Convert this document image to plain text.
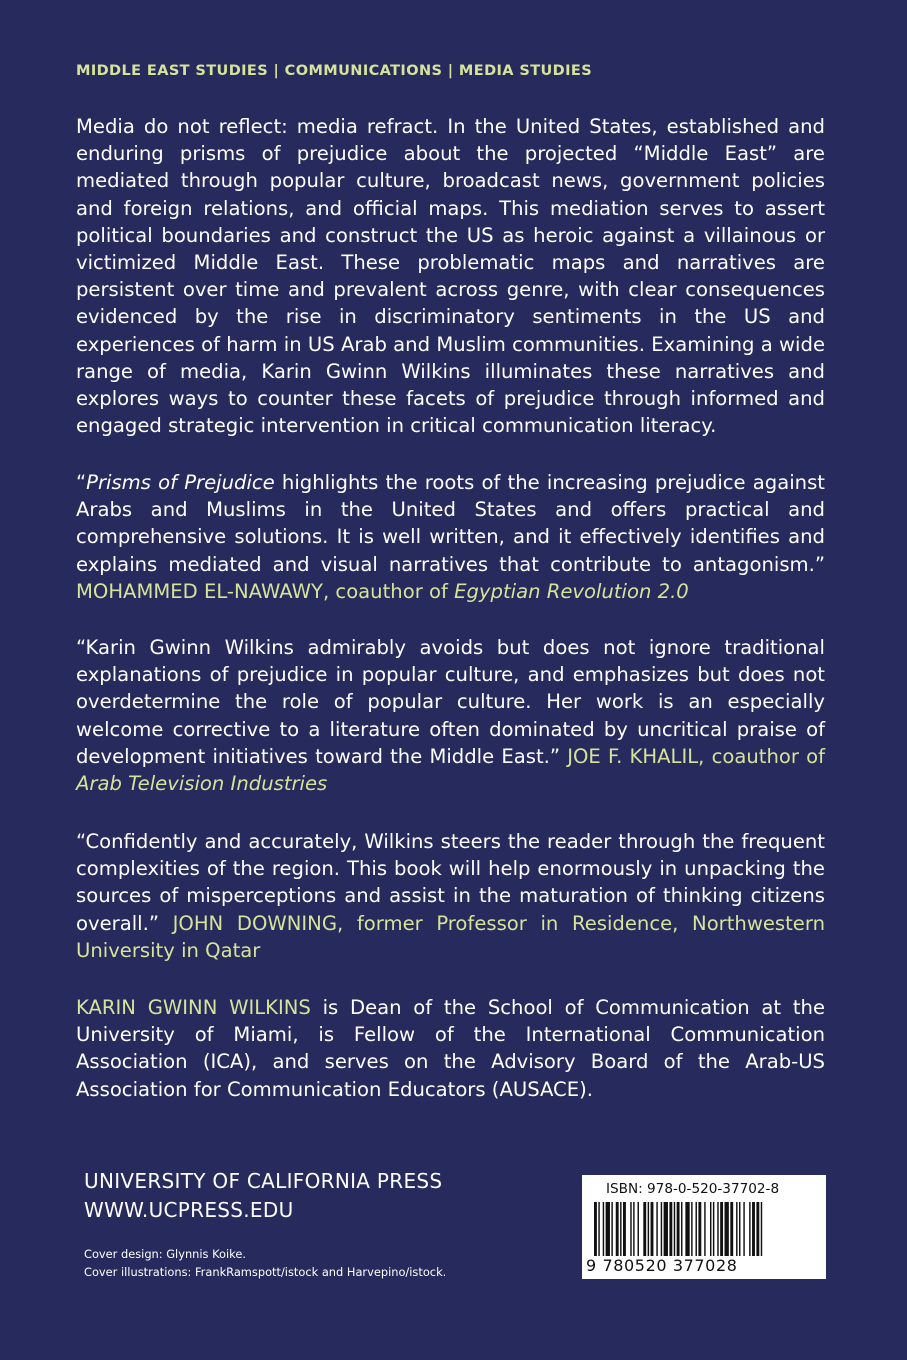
MIDDLE EAST STUDIES | COMMUNICATIONS | MEDIA STUDIES
Media do not reflect: media refract. In the United States, established and enduring prisms of prejudice about the projected “Middle East” are mediated through popular culture, broadcast news, government policies and foreign relations, and official maps. This mediation serves to assert political boundaries and construct the US as heroic against a villainous or victimized Middle East. These problematic maps and narratives are persistent over time and prevalent across genre, with clear consequences evidenced by the rise in discriminatory sentiments in the US and experiences of harm in US Arab and Muslim communities. Examining a wide range of media, Karin Gwinn Wilkins illuminates these narratives and explores ways to counter these facets of prejudice through informed and engaged strategic intervention in critical communication literacy.
“Prisms of Prejudice highlights the roots of the increasing prejudice against Arabs and Muslims in the United States and offers practical and comprehensive solutions. It is well written, and it effectively identifies and explains mediated and visual narratives that contribute to antagonism.” MOHAMMED EL-NAWAWY, coauthor of Egyptian Revolution 2.0
“Karin Gwinn Wilkins admirably avoids but does not ignore traditional explanations of prejudice in popular culture, and emphasizes but does not overdetermine the role of popular culture. Her work is an especially welcome corrective to a literature often dominated by uncritical praise of development initiatives toward the Middle East.” JOE F. KHALIL, coauthor of Arab Television Industries
“Confidently and accurately, Wilkins steers the reader through the frequent complexities of the region. This book will help enormously in unpacking the sources of misperceptions and assist in the maturation of thinking citizens overall.” JOHN DOWNING, former Professor in Residence, Northwestern University in Qatar
KARIN GWINN WILKINS is Dean of the School of Communication at the University of Miami, is Fellow of the International Communication Association (ICA), and serves on the Advisory Board of the Arab-US Association for Communication Educators (AUSACE).
UNIVERSITY OF CALIFORNIA PRESS
WWW.UCPRESS.EDU
Cover design: Glynnis Koike.
Cover illustrations: FrankRamspott/istock and Harvepino/istock.
ISBN: 978-0-520-37702-8
9 780520 377028
